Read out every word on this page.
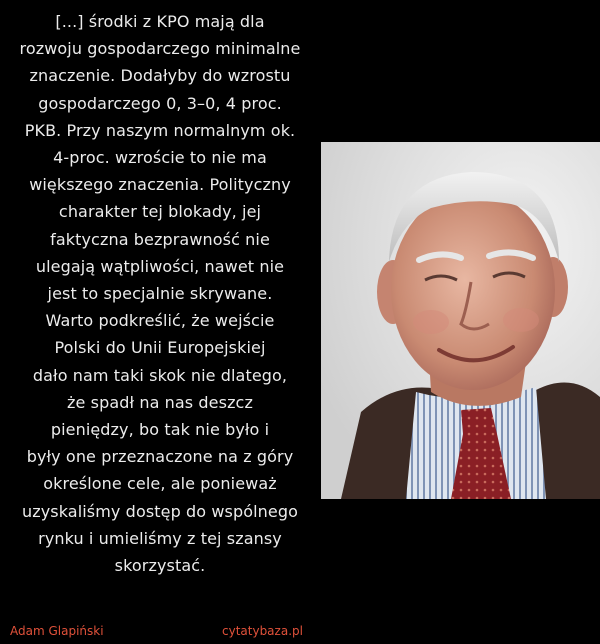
[...] środki z KPO mają dla
rozwoju gospodarczego minimalne
znaczenie. Dodałyby do wzrostu
gospodarczego 0, 3–0, 4 proc.
PKB. Przy naszym normalnym ok.
4-proc. wzroście to nie ma
większego znaczenia. Polityczny
charakter tej blokady, jej
faktyczna bezprawność nie
ulegają wątpliwości, nawet nie
jest to specjalnie skrywane.
Warto podkreślić, że wejście
Polski do Unii Europejskiej
dało nam taki skok nie dlatego,
że spadł na nas deszcz
pieniędzy, bo tak nie było i
były one przeznaczone na z góry
określone cele, ale ponieważ
uzyskaliśmy dostęp do wspólnego
rynku i umieliśmy z tej szansy
skorzystać.
Adam Glapiński	cytatybaza.pl
